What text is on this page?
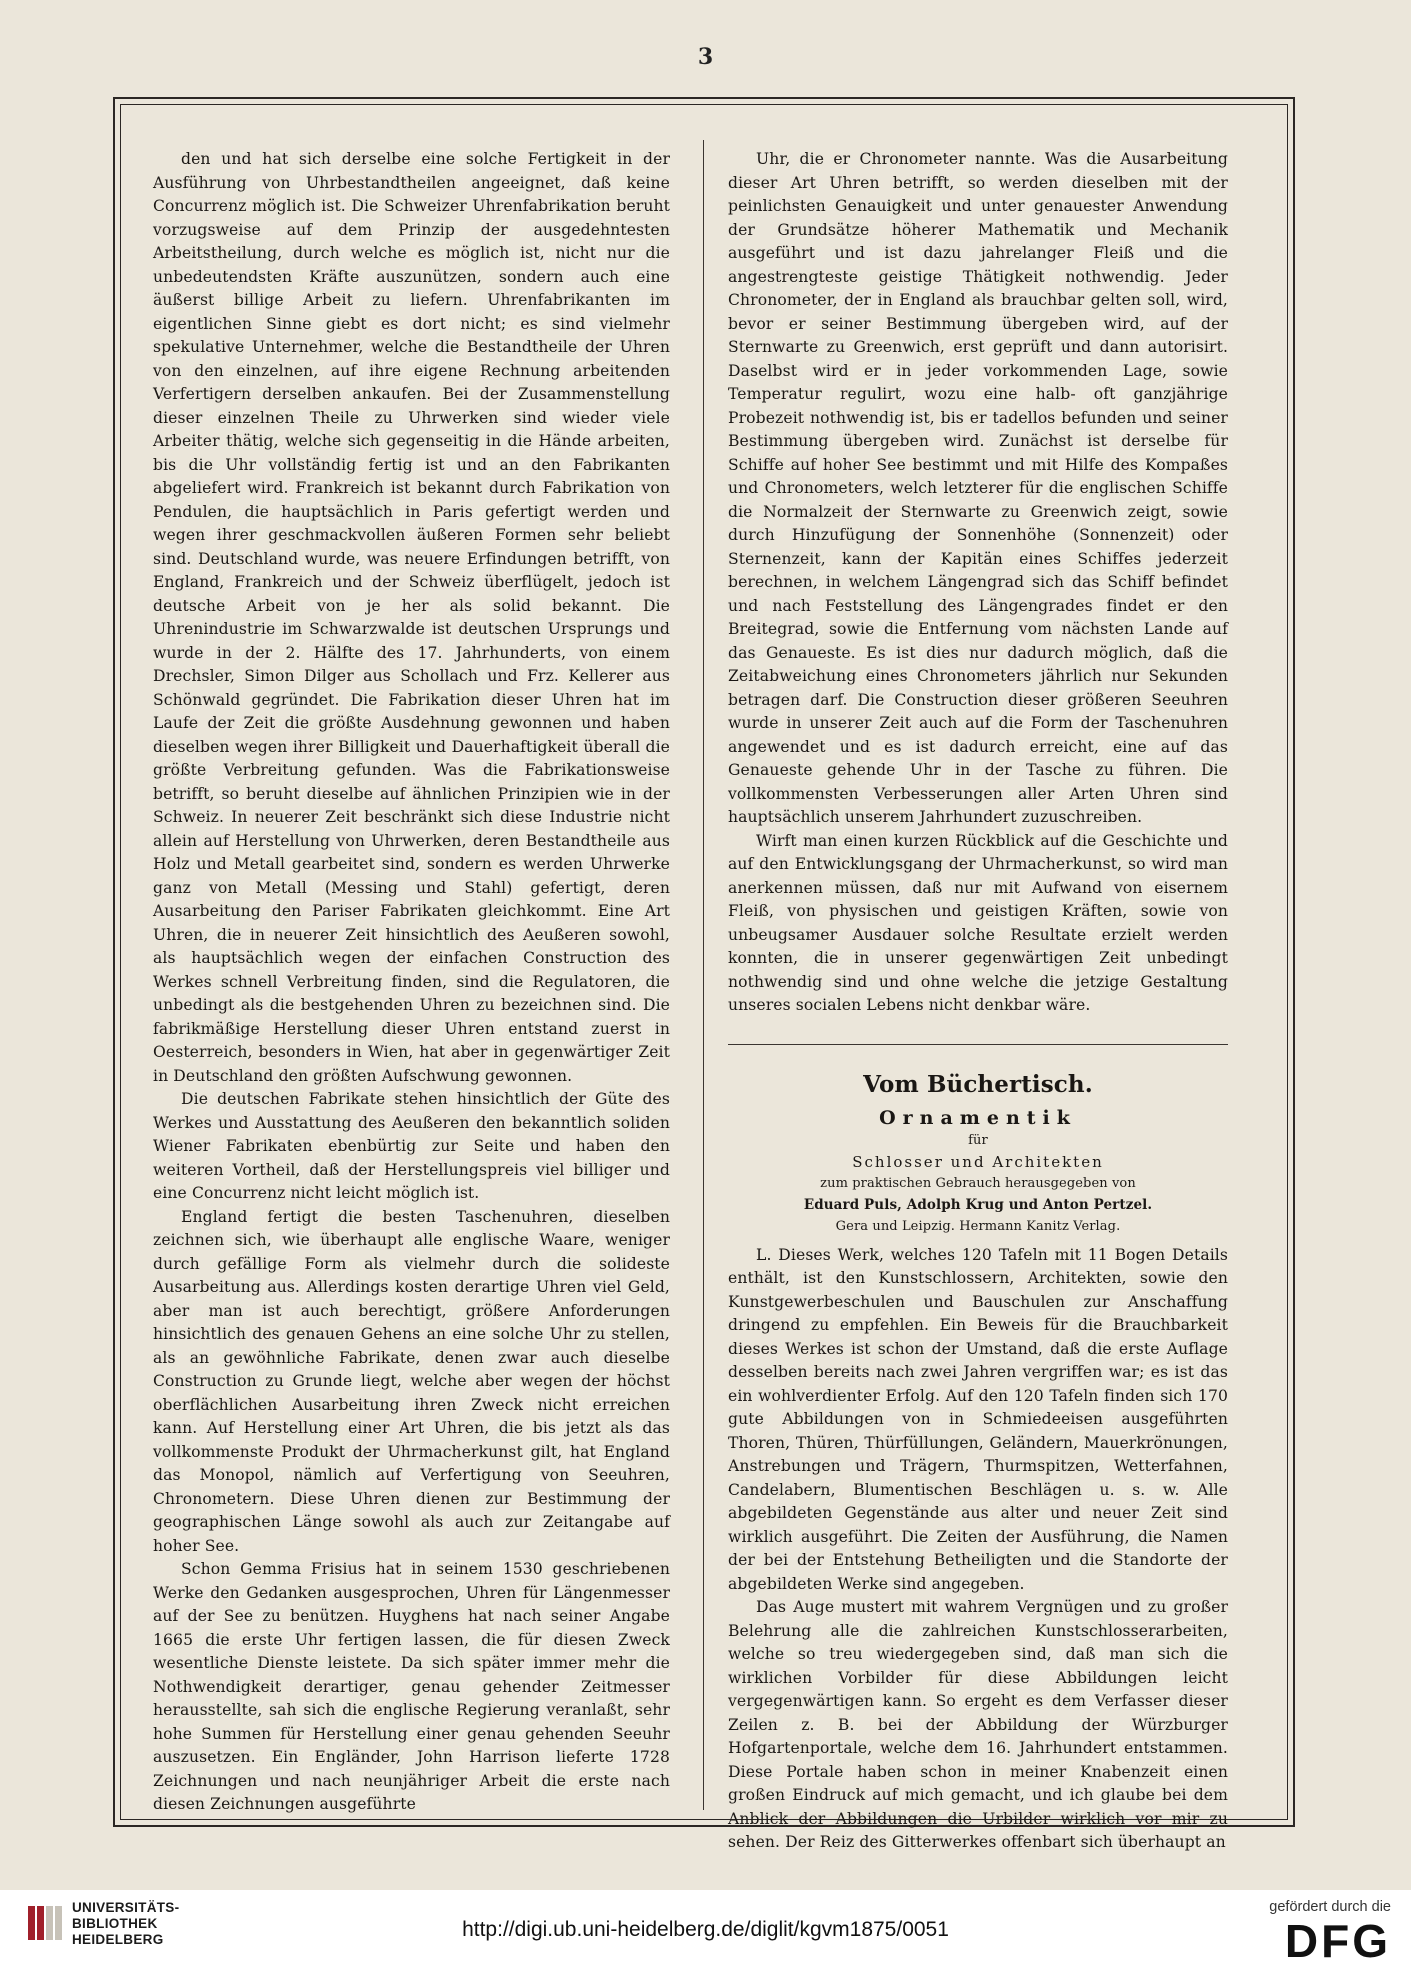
3

den und hat sich derselbe eine solche Fertigkeit in der Ausführung von Uhrbestandtheilen angeeignet, daß keine Concurrenz möglich ist. Die Schweizer Uhrenfabrikation beruht vorzugsweise auf dem Prinzip der ausgedehntesten Arbeitstheilung, durch welche es möglich ist, nicht nur die unbedeutendsten Kräfte auszunützen, sondern auch eine äußerst billige Arbeit zu liefern. Uhrenfabrikanten im eigentlichen Sinne giebt es dort nicht; es sind vielmehr spekulative Unternehmer, welche die Bestandtheile der Uhren von den einzelnen, auf ihre eigene Rechnung arbeitenden Verfertigern derselben ankaufen. Bei der Zusammenstellung dieser einzelnen Theile zu Uhrwerken sind wieder viele Arbeiter thätig, welche sich gegenseitig in die Hände arbeiten, bis die Uhr vollständig fertig ist und an den Fabrikanten abgeliefert wird. Frankreich ist bekannt durch Fabrikation von Pendulen, die hauptsächlich in Paris gefertigt werden und wegen ihrer geschmackvollen äußeren Formen sehr beliebt sind. Deutschland wurde, was neuere Erfindungen betrifft, von England, Frankreich und der Schweiz überflügelt, jedoch ist deutsche Arbeit von je her als solid bekannt. Die Uhrenindustrie im Schwarzwalde ist deutschen Ursprungs und wurde in der 2. Hälfte des 17. Jahrhunderts, von einem Drechsler, Simon Dilger aus Schollach und Frz. Kellerer aus Schönwald gegründet. Die Fabrikation dieser Uhren hat im Laufe der Zeit die größte Ausdehnung gewonnen und haben dieselben wegen ihrer Billigkeit und Dauerhaftigkeit überall die größte Verbreitung gefunden. Was die Fabrikationsweise betrifft, so beruht dieselbe auf ähnlichen Prinzipien wie in der Schweiz. In neuerer Zeit beschränkt sich diese Industrie nicht allein auf Herstellung von Uhrwerken, deren Bestandtheile aus Holz und Metall gearbeitet sind, sondern es werden Uhrwerke ganz von Metall (Messing und Stahl) gefertigt, deren Ausarbeitung den Pariser Fabrikaten gleichkommt. Eine Art Uhren, die in neuerer Zeit hinsichtlich des Aeußeren sowohl, als hauptsächlich wegen der einfachen Construction des Werkes schnell Verbreitung finden, sind die Regulatoren, die unbedingt als die bestgehenden Uhren zu bezeichnen sind. Die fabrikmäßige Herstellung dieser Uhren entstand zuerst in Oesterreich, besonders in Wien, hat aber in gegenwärtiger Zeit in Deutschland den größten Aufschwung gewonnen.

Die deutschen Fabrikate stehen hinsichtlich der Güte des Werkes und Ausstattung des Aeußeren den bekanntlich soliden Wiener Fabrikaten ebenbürtig zur Seite und haben den weiteren Vortheil, daß der Herstellungspreis viel billiger und eine Concurrenz nicht leicht möglich ist.

England fertigt die besten Taschenuhren, dieselben zeichnen sich, wie überhaupt alle englische Waare, weniger durch gefällige Form als vielmehr durch die solideste Ausarbeitung aus. Allerdings kosten derartige Uhren viel Geld, aber man ist auch berechtigt, größere Anforderungen hinsichtlich des genauen Gehens an eine solche Uhr zu stellen, als an gewöhnliche Fabrikate, denen zwar auch dieselbe Construction zu Grunde liegt, welche aber wegen der höchst oberflächlichen Ausarbeitung ihren Zweck nicht erreichen kann. Auf Herstellung einer Art Uhren, die bis jetzt als das vollkommenste Produkt der Uhrmacherkunst gilt, hat England das Monopol, nämlich auf Verfertigung von Seeuhren, Chronometern. Diese Uhren dienen zur Bestimmung der geographischen Länge sowohl als auch zur Zeitangabe auf hoher See.

Schon Gemma Frisius hat in seinem 1530 geschriebenen Werke den Gedanken ausgesprochen, Uhren für Längenmesser auf der See zu benützen. Huyghens hat nach seiner Angabe 1665 die erste Uhr fertigen lassen, die für diesen Zweck wesentliche Dienste leistete. Da sich später immer mehr die Nothwendigkeit derartiger, genau gehender Zeitmesser herausstellte, sah sich die englische Regierung veranlaßt, sehr hohe Summen für Herstellung einer genau gehenden Seeuhr auszusetzen. Ein Engländer, John Harrison lieferte 1728 Zeichnungen und nach neunjähriger Arbeit die erste nach diesen Zeichnungen ausgeführte

Uhr, die er Chronometer nannte. Was die Ausarbeitung dieser Art Uhren betrifft, so werden dieselben mit der peinlichsten Genauigkeit und unter genauester Anwendung der Grundsätze höherer Mathematik und Mechanik ausgeführt und ist dazu jahrelanger Fleiß und die angestrengteste geistige Thätigkeit nothwendig. Jeder Chronometer, der in England als brauchbar gelten soll, wird, bevor er seiner Bestimmung übergeben wird, auf der Sternwarte zu Greenwich, erst geprüft und dann autorisirt. Daselbst wird er in jeder vorkommenden Lage, sowie Temperatur regulirt, wozu eine halb- oft ganzjährige Probezeit nothwendig ist, bis er tadellos befunden und seiner Bestimmung übergeben wird. Zunächst ist derselbe für Schiffe auf hoher See bestimmt und mit Hilfe des Kompaßes und Chronometers, welch letzterer für die englischen Schiffe die Normalzeit der Sternwarte zu Greenwich zeigt, sowie durch Hinzufügung der Sonnenhöhe (Sonnenzeit) oder Sternenzeit, kann der Kapitän eines Schiffes jederzeit berechnen, in welchem Längengrad sich das Schiff befindet und nach Feststellung des Längengrades findet er den Breitegrad, sowie die Entfernung vom nächsten Lande auf das Genaueste. Es ist dies nur dadurch möglich, daß die Zeitabweichung eines Chronometers jährlich nur Sekunden betragen darf. Die Construction dieser größeren Seeuhren wurde in unserer Zeit auch auf die Form der Taschenuhren angewendet und es ist dadurch erreicht, eine auf das Genaueste gehende Uhr in der Tasche zu führen. Die vollkommensten Verbesserungen aller Arten Uhren sind hauptsächlich unserem Jahrhundert zuzuschreiben.

Wirft man einen kurzen Rückblick auf die Geschichte und auf den Entwicklungsgang der Uhrmacherkunst, so wird man anerkennen müssen, daß nur mit Aufwand von eisernem Fleiß, von physischen und geistigen Kräften, sowie von unbeugsamer Ausdauer solche Resultate erzielt werden konnten, die in unserer gegenwärtigen Zeit unbedingt nothwendig sind und ohne welche die jetzige Gestaltung unseres socialen Lebens nicht denkbar wäre.

Vom Büchertisch.
Ornamentik
für
Schlosser und Architekten
zum praktischen Gebrauch herausgegeben von
Eduard Puls, Adolph Krug und Anton Pertzel.
Gera und Leipzig. Hermann Kanitz Verlag.

L. Dieses Werk, welches 120 Tafeln mit 11 Bogen Details enthält, ist den Kunstschlossern, Architekten, sowie den Kunstgewerbeschulen und Bauschulen zur Anschaffung dringend zu empfehlen. Ein Beweis für die Brauchbarkeit dieses Werkes ist schon der Umstand, daß die erste Auflage desselben bereits nach zwei Jahren vergriffen war; es ist das ein wohlverdienter Erfolg. Auf den 120 Tafeln finden sich 170 gute Abbildungen von in Schmiedeeisen ausgeführten Thoren, Thüren, Thürfüllungen, Geländern, Mauerkrönungen, Anstrebungen und Trägern, Thurmspitzen, Wetterfahnen, Candelabern, Blumentischen Beschlägen u. s. w. Alle abgebildeten Gegenstände aus alter und neuer Zeit sind wirklich ausgeführt. Die Zeiten der Ausführung, die Namen der bei der Entstehung Betheiligten und die Standorte der abgebildeten Werke sind angegeben.

Das Auge mustert mit wahrem Vergnügen und zu großer Belehrung alle die zahlreichen Kunstschlosserarbeiten, welche so treu wiedergegeben sind, daß man sich die wirklichen Vorbilder für diese Abbildungen leicht vergegenwärtigen kann. So ergeht es dem Verfasser dieser Zeilen z. B. bei der Abbildung der Würzburger Hofgartenportale, welche dem 16. Jahrhundert entstammen. Diese Portale haben schon in meiner Knabenzeit einen großen Eindruck auf mich gemacht, und ich glaube bei dem Anblick der Abbildungen die Urbilder wirklich vor mir zu sehen. Der Reiz des Gitterwerkes offenbart sich überhaupt an

UNIVERSITÄTS-
BIBLIOTHEK
HEIDELBERG	http://digi.ub.uni-heidelberg.de/diglit/kgvm1875/0051
gefördert durch die
DFG
